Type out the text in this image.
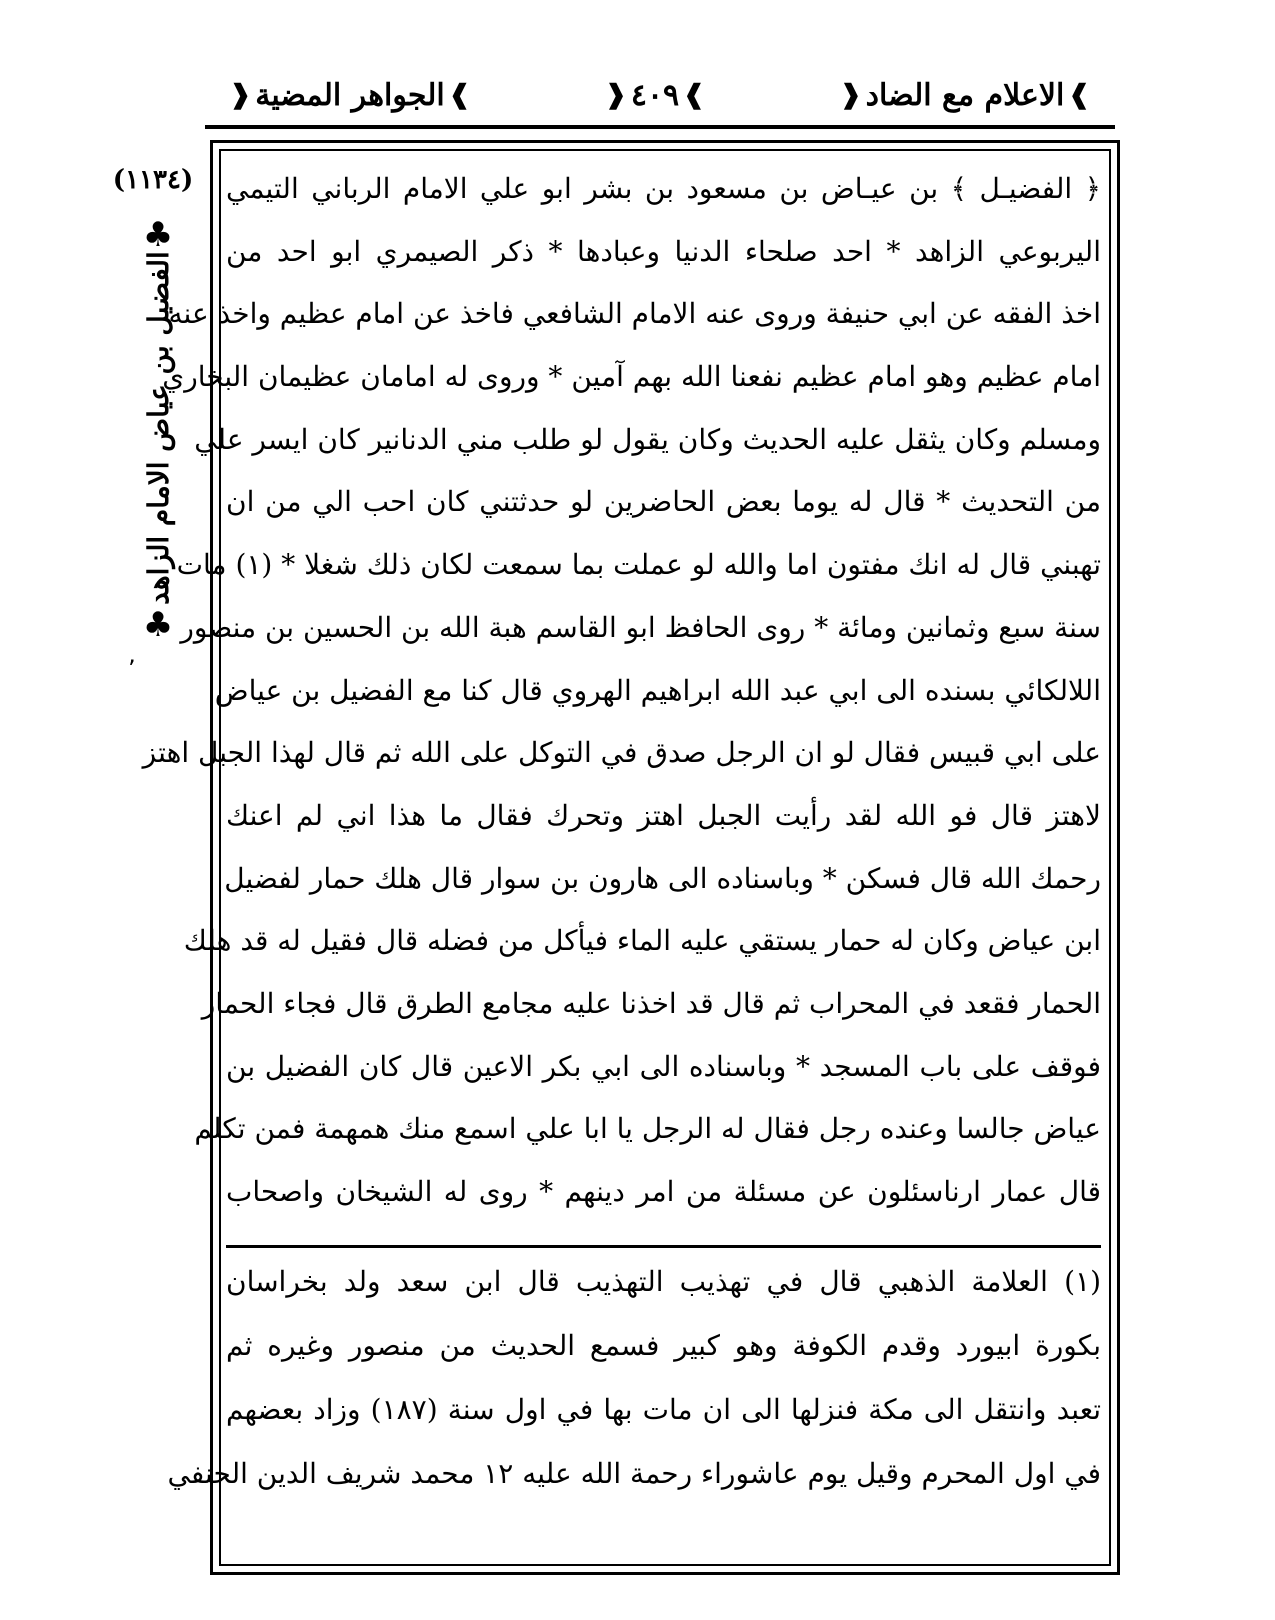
❱
الاعلام مع الضاد
❰
❱
٤٠٩
❰
❱
الجواهر المضية
❰
﴿ الفضيـل ﴾ بن عيـاض بن مسعود بن بشر ابو علي الامام الرباني التيمي
اليربوعي الزاهد * احد صلحاء الدنيا وعبادها * ذكر الصيمري ابو احد من
اخذ الفقه عن ابي حنيفة وروى عنه الامام الشافعي فاخذ عن امام عظيم واخذ عنه
امام عظيم وهو امام عظيم نفعنا الله بهم آمين * وروى له امامان عظيمان البخاري
ومسلم وكان يثقل عليه الحديث وكان يقول لو طلب مني الدنانير كان ايسر علي
من التحديث * قال له يوما بعض الحاضرين لو حدثتني كان احب الي من ان
تهبني قال له انك مفتون اما والله لو عملت بما سمعت لكان ذلك شغلا * (١) مات
سنة سبع وثمانين ومائة * روى الحافظ ابو القاسم هبة الله بن الحسين بن منصور
اللالكائي بسنده الى ابي عبد الله ابراهيم الهروي قال كنا مع الفضيل بن عياض
على ابي قبيس فقال لو ان الرجل صدق في التوكل على الله ثم قال لهذا الجبل اهتز
لاهتز قال فو الله لقد رأيت الجبل اهتز وتحرك فقال ما هذا اني لم اعنك
رحمك الله قال فسكن * وباسناده الى هارون بن سوار قال هلك حمار لفضيل
ابن عياض وكان له حمار يستقي عليه الماء فيأكل من فضله قال فقيل له قد هلك
الحمار فقعد في المحراب ثم قال قد اخذنا عليه مجامع الطرق قال فجاء الحمار
فوقف على باب المسجد * وباسناده الى ابي بكر الاعين قال كان الفضيل بن
عياض جالسا وعنده رجل فقال له الرجل يا ابا علي اسمع منك همهمة فمن تكلم
قال عمار ارناسئلون عن مسئلة من امر دينهم * روى له الشيخان واصحاب
(١) العلامة الذهبي قال في تهذيب التهذيب قال ابن سعد ولد بخراسان
بكورة ابيورد وقدم الكوفة وهو كبير فسمع الحديث من منصور وغيره ثم
تعبد وانتقل الى مكة فنزلها الى ان مات بها في اول سنة (١٨٧) وزاد بعضهم
في اول المحرم وقيل يوم عاشوراء رحمة الله عليه ١٢ محمد شريف الدين الحنفي
(١١٣٤)
♣
الفضيل بن عياض الامام الزاهد
♣
٬
